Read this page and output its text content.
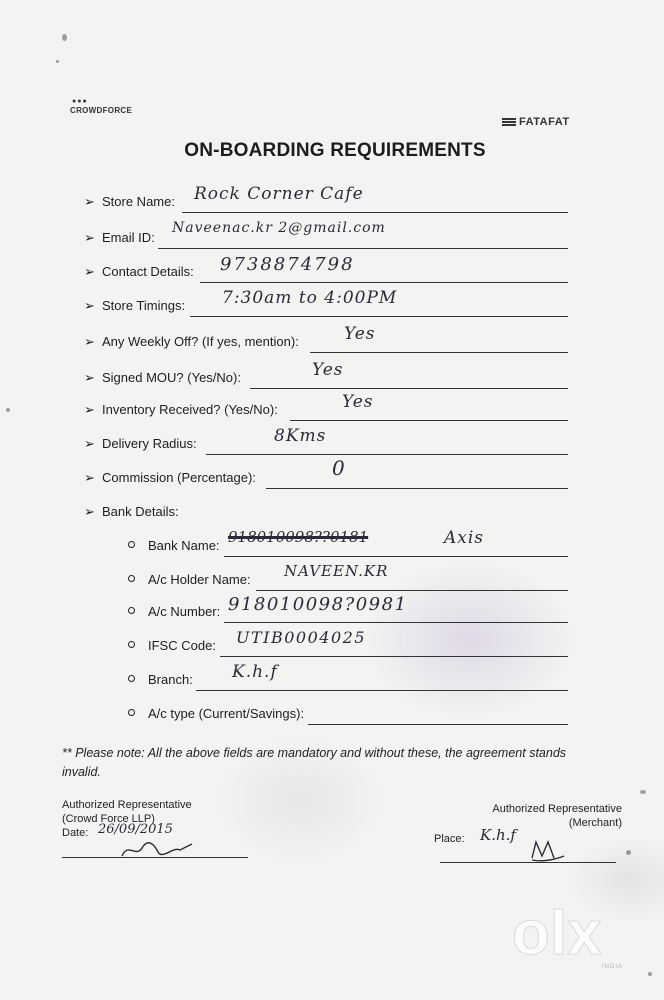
●●●
CROWDFORCE
FATAFAT
ON-BOARDING REQUIREMENTS
➢ Store Name: Rock Corner Cafe
➢ Email ID:
Naveenac.kr 2@gmail.com
➢ Contact Details: 9738874798
➢ Store Timings: 7:30am to 4:00PM
➢ Any Weekly Off? (If yes, mention):	Yes
➢ Signed MOU? (Yes/No):	Yes
➢ Inventory Received? (Yes/No):	Yes
➢ Delivery Radius:	8Kms
➢ Commission (Percentage):	0
➢ Bank Details:
Bank Name: 918010098??0181	Axis
A/c Holder Name: NAVEEN.KR
A/c Number: 918010098?0981
IFSC Code: UTIB0004025
Branch: K.h.f
A/c type (Current/Savings):
** Please note: All the above fields are mandatory and without these, the agreement stands invalid.
Authorized Representative
(Crowd Force LLP)
Date: 26/09/2015
Authorized Representative
(Merchant)
Place: K.h.f
olx INDIA
